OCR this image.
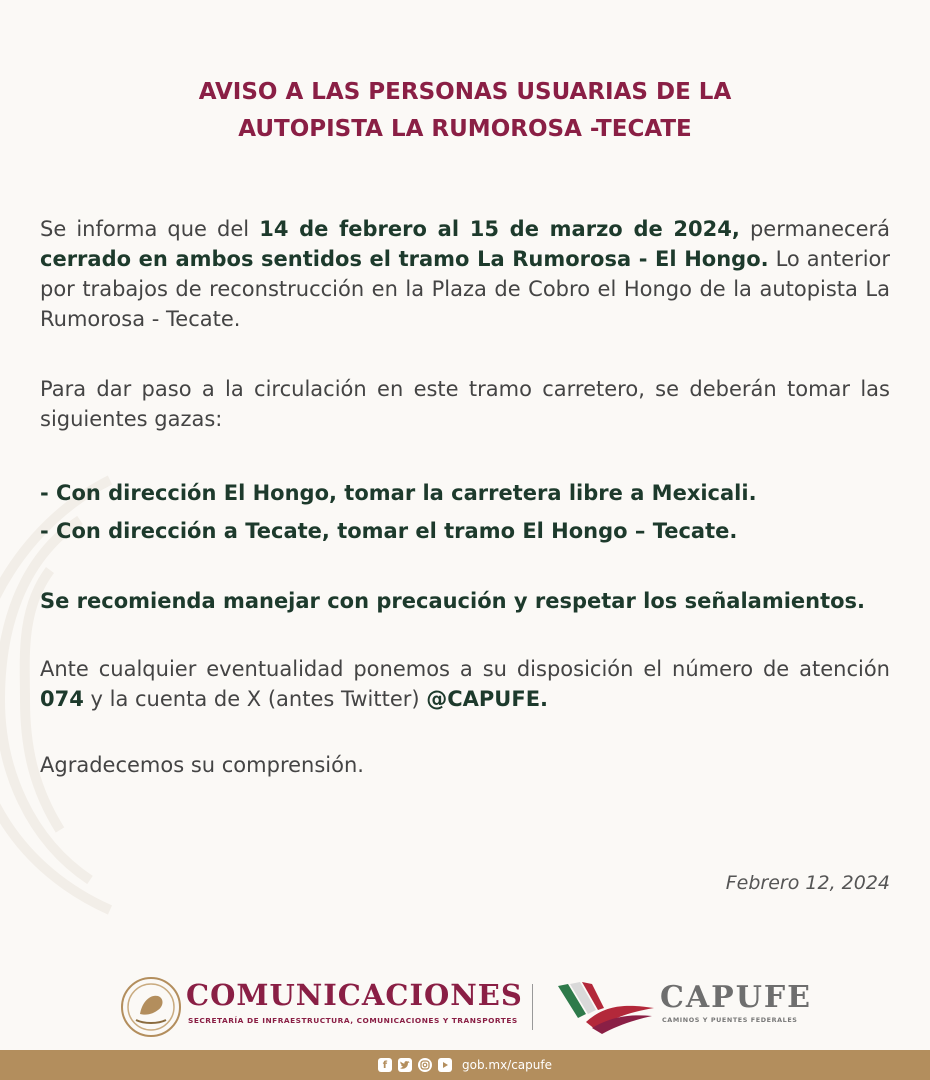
AVISO A LAS PERSONAS USUARIAS DE LA
AUTOPISTA LA RUMOROSA -TECATE

Se informa que del 14 de febrero al 15 de marzo de 2024, permanecerá cerrado en ambos sentidos el tramo La Rumorosa - El Hongo. Lo anterior por trabajos de reconstrucción en la Plaza de Cobro el Hongo de la autopista La Rumorosa - Tecate.

Para dar paso a la circulación en este tramo carretero, se deberán tomar las siguientes gazas:

- Con dirección El Hongo, tomar la carretera libre a Mexicali.

- Con dirección a Tecate, tomar el tramo El Hongo – Tecate.

Se recomienda manejar con precaución y respetar los señalamientos.

Ante cualquier eventualidad ponemos a su disposición el número de atención 074 y la cuenta de X (antes Twitter) @CAPUFE.

Agradecemos su comprensión.

Febrero 12, 2024
COMUNICACIONES
SECRETARÍA DE INFRAESTRUCTURA, COMUNICACIONES Y TRANSPORTES
CAPUFE
CAMINOS Y PUENTES FEDERALES
f	gob.mx/capufe
